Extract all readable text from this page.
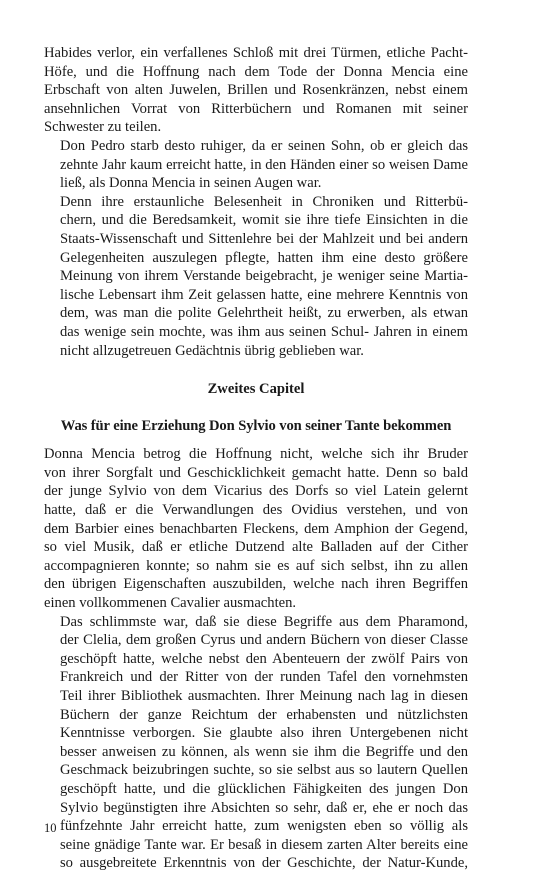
Habides verlor, ein verfallenes Schloß mit drei Türmen, etliche Pacht-
Höfe, und die Hoffnung nach dem Tode der Donna Mencia eine
Erbschaft von alten Juwelen, Brillen und Rosenkränzen, nebst einem
ansehnlichen Vorrat von Ritterbüchern und Romanen mit seiner
Schwester zu teilen.

Don Pedro starb desto ruhiger, da er seinen Sohn, ob er gleich das
zehnte Jahr kaum erreicht hatte, in den Händen einer so weisen Dame
ließ, als Donna Mencia in seinen Augen war.

Denn ihre erstaunliche Belesenheit in Chroniken und Ritterbü-
chern, und die Beredsamkeit, womit sie ihre tiefe Einsichten in die
Staats-Wissenschaft und Sittenlehre bei der Mahlzeit und bei andern
Gelegenheiten auszulegen pflegte, hatten ihm eine desto größere
Meinung von ihrem Verstande beigebracht, je weniger seine Martia-
lische Lebensart ihm Zeit gelassen hatte, eine mehrere Kenntnis von
dem, was man die polite Gelehrtheit heißt, zu erwerben, als etwan
das wenige sein mochte, was ihm aus seinen Schul- Jahren in einem
nicht allzugetreuen Gedächtnis übrig geblieben war.

Zweites Capitel
Was für eine Erziehung Don Sylvio von seiner Tante bekommen

Donna Mencia betrog die Hoffnung nicht, welche sich ihr Bruder
von ihrer Sorgfalt und Geschicklichkeit gemacht hatte. Denn so bald
der junge Sylvio von dem Vicarius des Dorfs so viel Latein gelernt
hatte, daß er die Verwandlungen des Ovidius verstehen, und von
dem Barbier eines benachbarten Fleckens, dem Amphion der Gegend,
so viel Musik, daß er etliche Dutzend alte Balladen auf der Cither
accompagnieren konnte; so nahm sie es auf sich selbst, ihn zu allen
den übrigen Eigenschaften auszubilden, welche nach ihren Begriffen
einen vollkommenen Cavalier ausmachten.

Das schlimmste war, daß sie diese Begriffe aus dem Pharamond,
der Clelia, dem großen Cyrus und andern Büchern von dieser Classe
geschöpft hatte, welche nebst den Abenteuern der zwölf Pairs von
Frankreich und der Ritter von der runden Tafel den vornehmsten
Teil ihrer Bibliothek ausmachten. Ihrer Meinung nach lag in diesen
Büchern der ganze Reichtum der erhabensten und nützlichsten
Kenntnisse verborgen. Sie glaubte also ihren Untergebenen nicht
besser anweisen zu können, als wenn sie ihm die Begriffe und den
Geschmack beizubringen suchte, so sie selbst aus so lautern Quellen
geschöpft hatte, und die glücklichen Fähigkeiten des jungen Don
Sylvio begünstigten ihre Absichten so sehr, daß er, ehe er noch das
fünfzehnte Jahr erreicht hatte, zum wenigsten eben so völlig als
seine gnädige Tante war. Er besaß in diesem zarten Alter bereits eine
so ausgebreitete Erkenntnis von der Geschichte, der Natur-Kunde,

10
